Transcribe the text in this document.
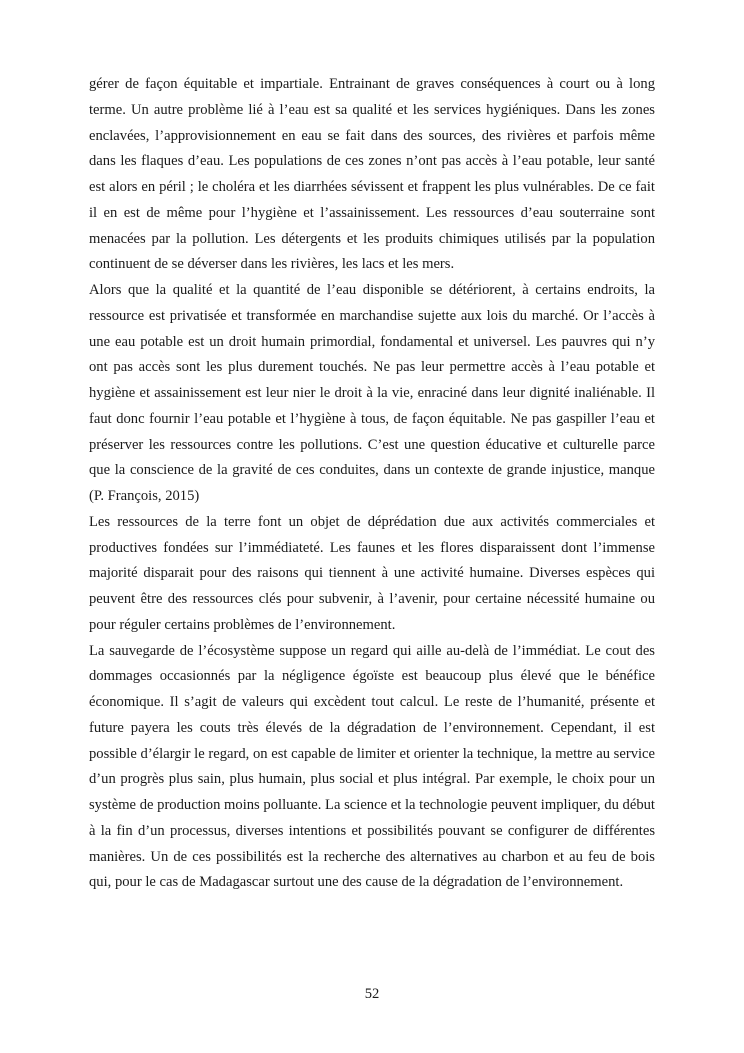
gérer de façon équitable et impartiale. Entrainant de graves conséquences à court ou à long terme. Un autre problème lié à l’eau est sa qualité et les services hygiéniques. Dans les zones enclavées, l’approvisionnement en eau se fait dans des sources, des rivières et parfois même dans les flaques d’eau. Les populations de ces zones n’ont pas accès à l’eau potable, leur santé est alors en péril ; le choléra et les diarrhées sévissent et frappent les plus vulnérables. De ce fait il en est de même pour l’hygiène et l’assainissement. Les ressources d’eau souterraine sont menacées par la pollution. Les détergents et les produits chimiques utilisés par la population continuent de se déverser dans les rivières, les lacs et les mers.

Alors que la qualité et la quantité de l’eau disponible se détériorent, à certains endroits, la ressource est privatisée et transformée en marchandise sujette aux lois du marché. Or l’accès à une eau potable est un droit humain primordial, fondamental et universel. Les pauvres qui n’y ont pas accès sont les plus durement touchés. Ne pas leur permettre accès à l’eau potable et hygiène et assainissement est leur nier le droit à la vie, enraciné dans leur dignité inaliénable. Il faut donc fournir l’eau potable et l’hygiène à tous, de façon équitable. Ne pas gaspiller l’eau et préserver les ressources contre les pollutions. C’est une question éducative et culturelle parce que la conscience de la gravité de ces conduites, dans un contexte de grande injustice, manque (P. François, 2015)

Les ressources de la terre font un objet de déprédation due aux activités commerciales et productives fondées sur l’immédiateté. Les faunes et les flores disparaissent dont l’immense majorité disparait pour des raisons qui tiennent à une activité humaine. Diverses espèces qui peuvent être des ressources clés pour subvenir, à l’avenir, pour certaine nécessité humaine ou pour réguler certains problèmes de l’environnement.

La sauvegarde de l’écosystème suppose un regard qui aille au-delà de l’immédiat. Le cout des dommages occasionnés par la négligence égoïste est beaucoup plus élevé que le bénéfice économique. Il s’agit de valeurs qui excèdent tout calcul. Le reste de l’humanité, présente et future payera les couts très élevés de la dégradation de l’environnement. Cependant, il est possible d’élargir le regard, on est capable de limiter et orienter la technique, la mettre au service d’un progrès plus sain, plus humain, plus social et plus intégral. Par exemple, le choix pour un système de production moins polluante. La science et la technologie peuvent impliquer, du début à la fin d’un processus, diverses intentions et possibilités pouvant se configurer de différentes manières. Un de ces possibilités est la recherche des alternatives au charbon et au feu de bois qui, pour le cas de Madagascar surtout une des cause de la dégradation de l’environnement.

52
